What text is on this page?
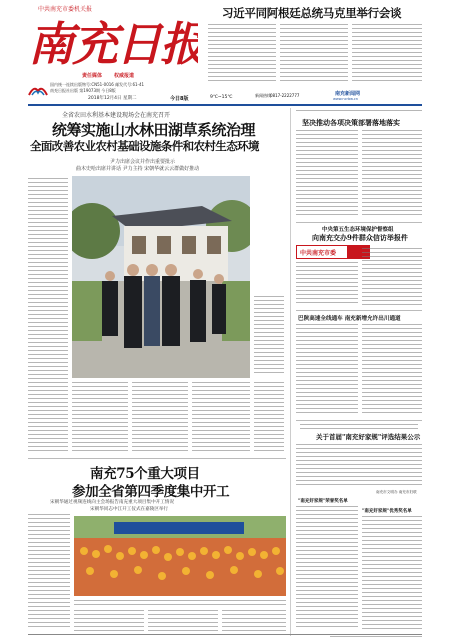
中共南充市委机关报
南充日报
责任媒体 权威报道
国内统一连续出版物号:CN51-0016 邮发代号:61-41
南充日报社出版 第19073期 今日8版
2018年12月4日 星期二	今日8版	9℃~15℃	新闻热线 0817-2222777	南充新闻网
www.ncrbw.cn
习近平同阿根廷总统马克里举行会谈
全省农田水利基本建设现场会在南充召开
统筹实施山水林田湖草系统治理
全面改善农业农村基础设施条件和农村生态环境
尹力出席会议并作出重要批示
曲木史哈出席并讲话 尹力主持 宋朝华就云云群做好推动
南充75个重大项目
参加全省第四季度集中开工
宋朝华通过视频连线向主会场报告南充重大项目集中开工情况
宋朝华同志中江开工仪式在嘉陵区举行
坚决推动各项决策部署落地落实
中央第五生态环境保护督察组
向南充交办9件群众信访举报件
中共南充市委
巴陕高速全线通车 南充新增允许出川通道
关于首届"南充好家规"评选结果公示
南充市文明办 南充市妇联
"南充好家规"荣誉奖名单
"南充好家规"优秀奖名单
